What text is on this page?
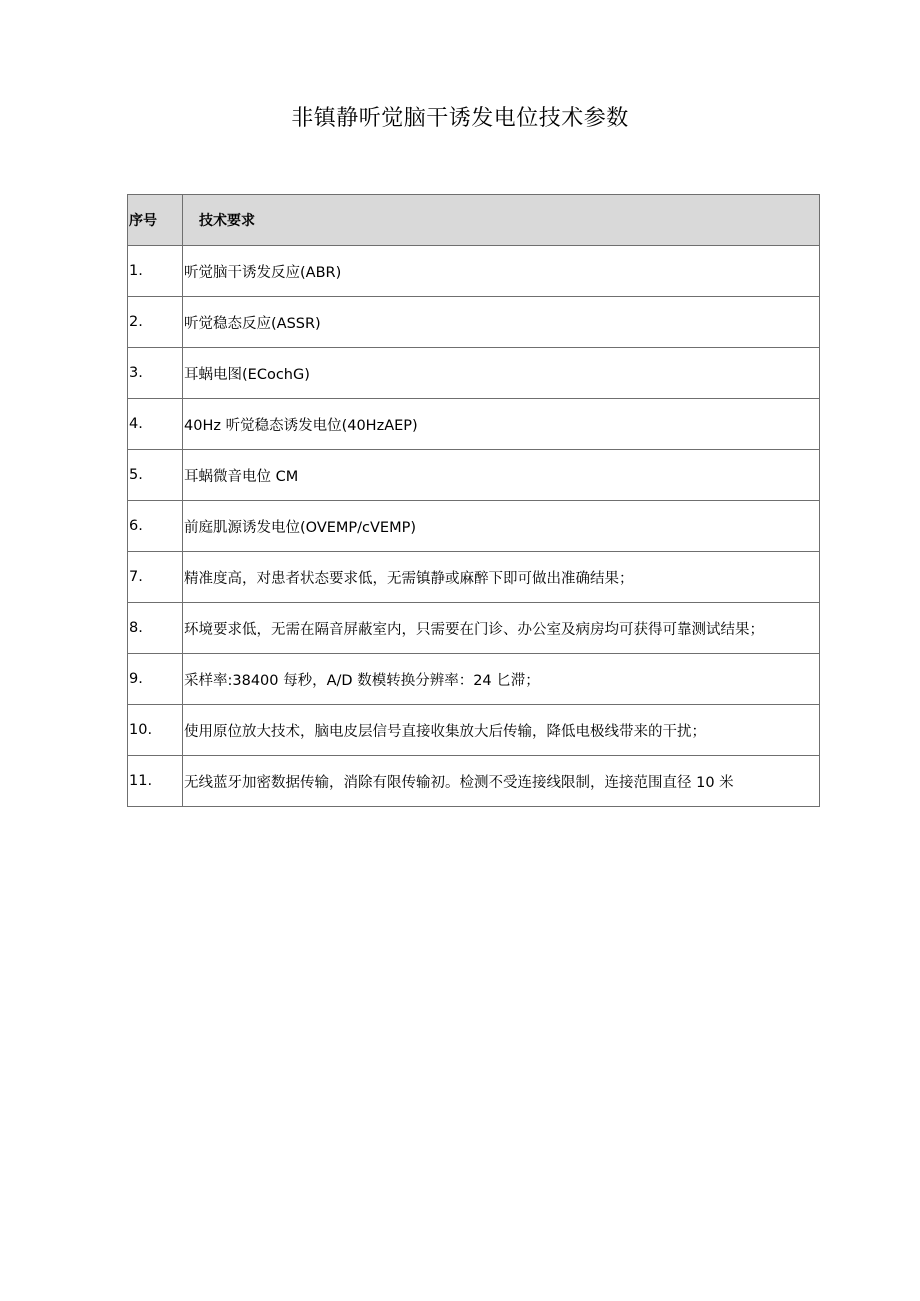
非镇静听觉脑干诱发电位技术参数
序号	技术要求
1.	听觉脑干诱发反应(ABR)
2.	听觉稳态反应(ASSR)
3.	耳蜗电图(ECochG)
4.	40Hz 听觉稳态诱发电位(40HzAEP)
5.	耳蜗微音电位 CM
6.	前庭肌源诱发电位(OVEMP/cVEMP)
7.	精准度高，对患者状态要求低，无需镇静或麻醉下即可做出准确结果；
8.	环境要求低，无需在隔音屏蔽室内，只需要在门诊、办公室及病房均可获得可靠测试结果；
9.	采样率:38400 每秒，A/D 数模转换分辨率：24 匕滞；
10.	使用原位放大技术，脑电皮层信号直接收集放大后传输，降低电极线带来的干扰；
11.	无线蓝牙加密数据传输，消除有限传输初。检测不受连接线限制，连接范围直径 10 米
